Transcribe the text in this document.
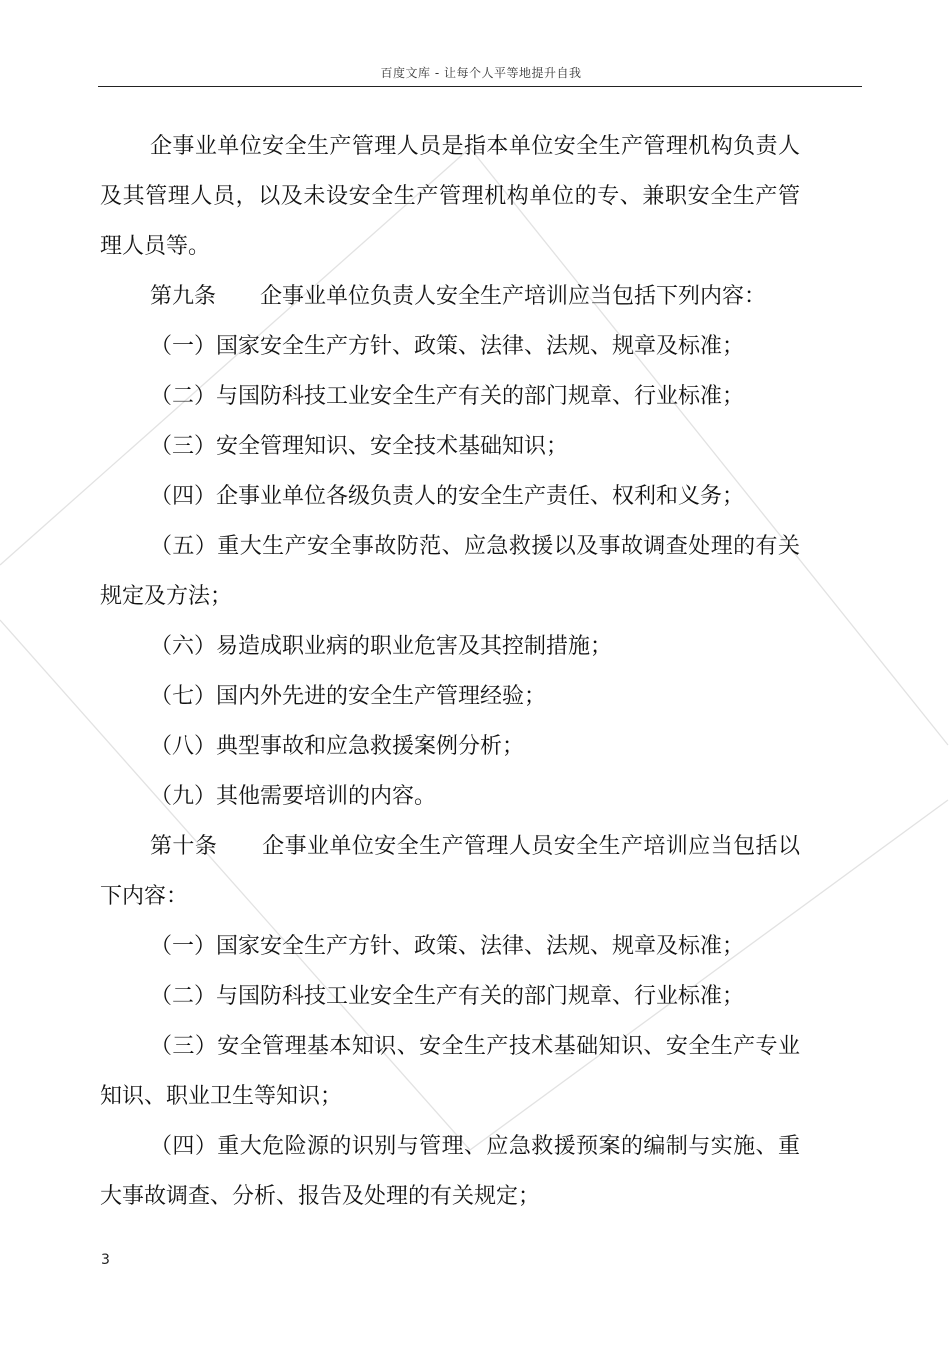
百度文库 - 让每个人平等地提升自我

企事业单位安全生产管理人员是指本单位安全生产管理机构负责人及其管理人员，以及未设安全生产管理机构单位的专、兼职安全生产管理人员等。

第九条　　企事业单位负责人安全生产培训应当包括下列内容：

（一）国家安全生产方针、政策、法律、法规、规章及标准；

（二）与国防科技工业安全生产有关的部门规章、行业标准；

（三）安全管理知识、安全技术基础知识；

（四）企事业单位各级负责人的安全生产责任、权利和义务；

（五）重大生产安全事故防范、应急救援以及事故调查处理的有关规定及方法；

（六）易造成职业病的职业危害及其控制措施；

（七）国内外先进的安全生产管理经验；

（八）典型事故和应急救援案例分析；

（九）其他需要培训的内容。

第十条　　企事业单位安全生产管理人员安全生产培训应当包括以下内容：

（一）国家安全生产方针、政策、法律、法规、规章及标准；

（二）与国防科技工业安全生产有关的部门规章、行业标准；

（三）安全管理基本知识、安全生产技术基础知识、安全生产专业知识、职业卫生等知识；

（四）重大危险源的识别与管理、应急救援预案的编制与实施、重大事故调查、分析、报告及处理的有关规定；

3
